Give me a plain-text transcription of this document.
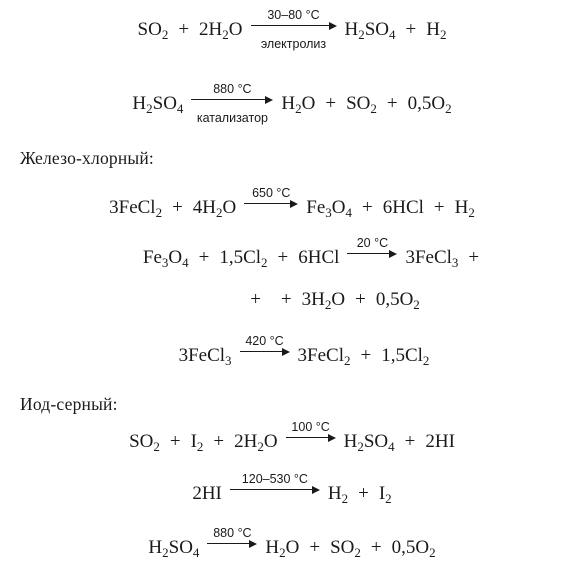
$SO_2 + 2H_2O$
30–80 °C
электролиз
$H_2SO_4 + H_2$
$H_2SO_4$
880 °C
катализатор
$H_2O + SO_2 + 0,5O_2$
Железо-хлорный:
3FeCl$_2$ + $4H_2O$
650 °C
$Fe_3O_4 + 6HCl + H_2$
$Fe_3O_4 + 1,5Cl_2 + 6HCl$
20 °C
3FeCl$_3$ +
+ + $3H_2O + 0,5O_2$
3FeCl$_3$
420 °C
3FeCl$_2$ + $1,5Cl_2$
Иод-серный:
$SO_2 + I_2 + 2H_2O$
100 °C
$H_2SO_4 + 2HI$
2HI
120–530 °C
$H_2 + I_2$
$H_2SO_4$
880 °C
$H_2O + SO_2 + 0,5O_2$
